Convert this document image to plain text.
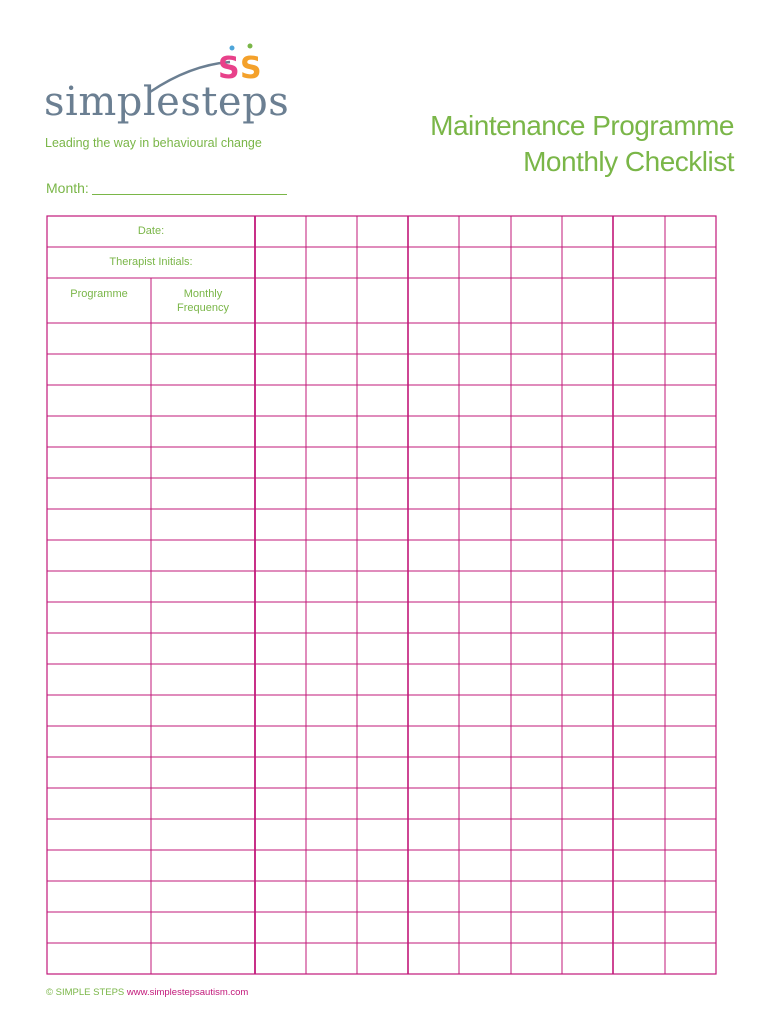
S S
simplesteps
Leading the way in behavioural change
Maintenance Programme
Monthly Checklist
Month:
Date:
Therapist Initials:
Programme	Monthly
Frequency
© SIMPLE STEPS www.simplestepsautism.com
